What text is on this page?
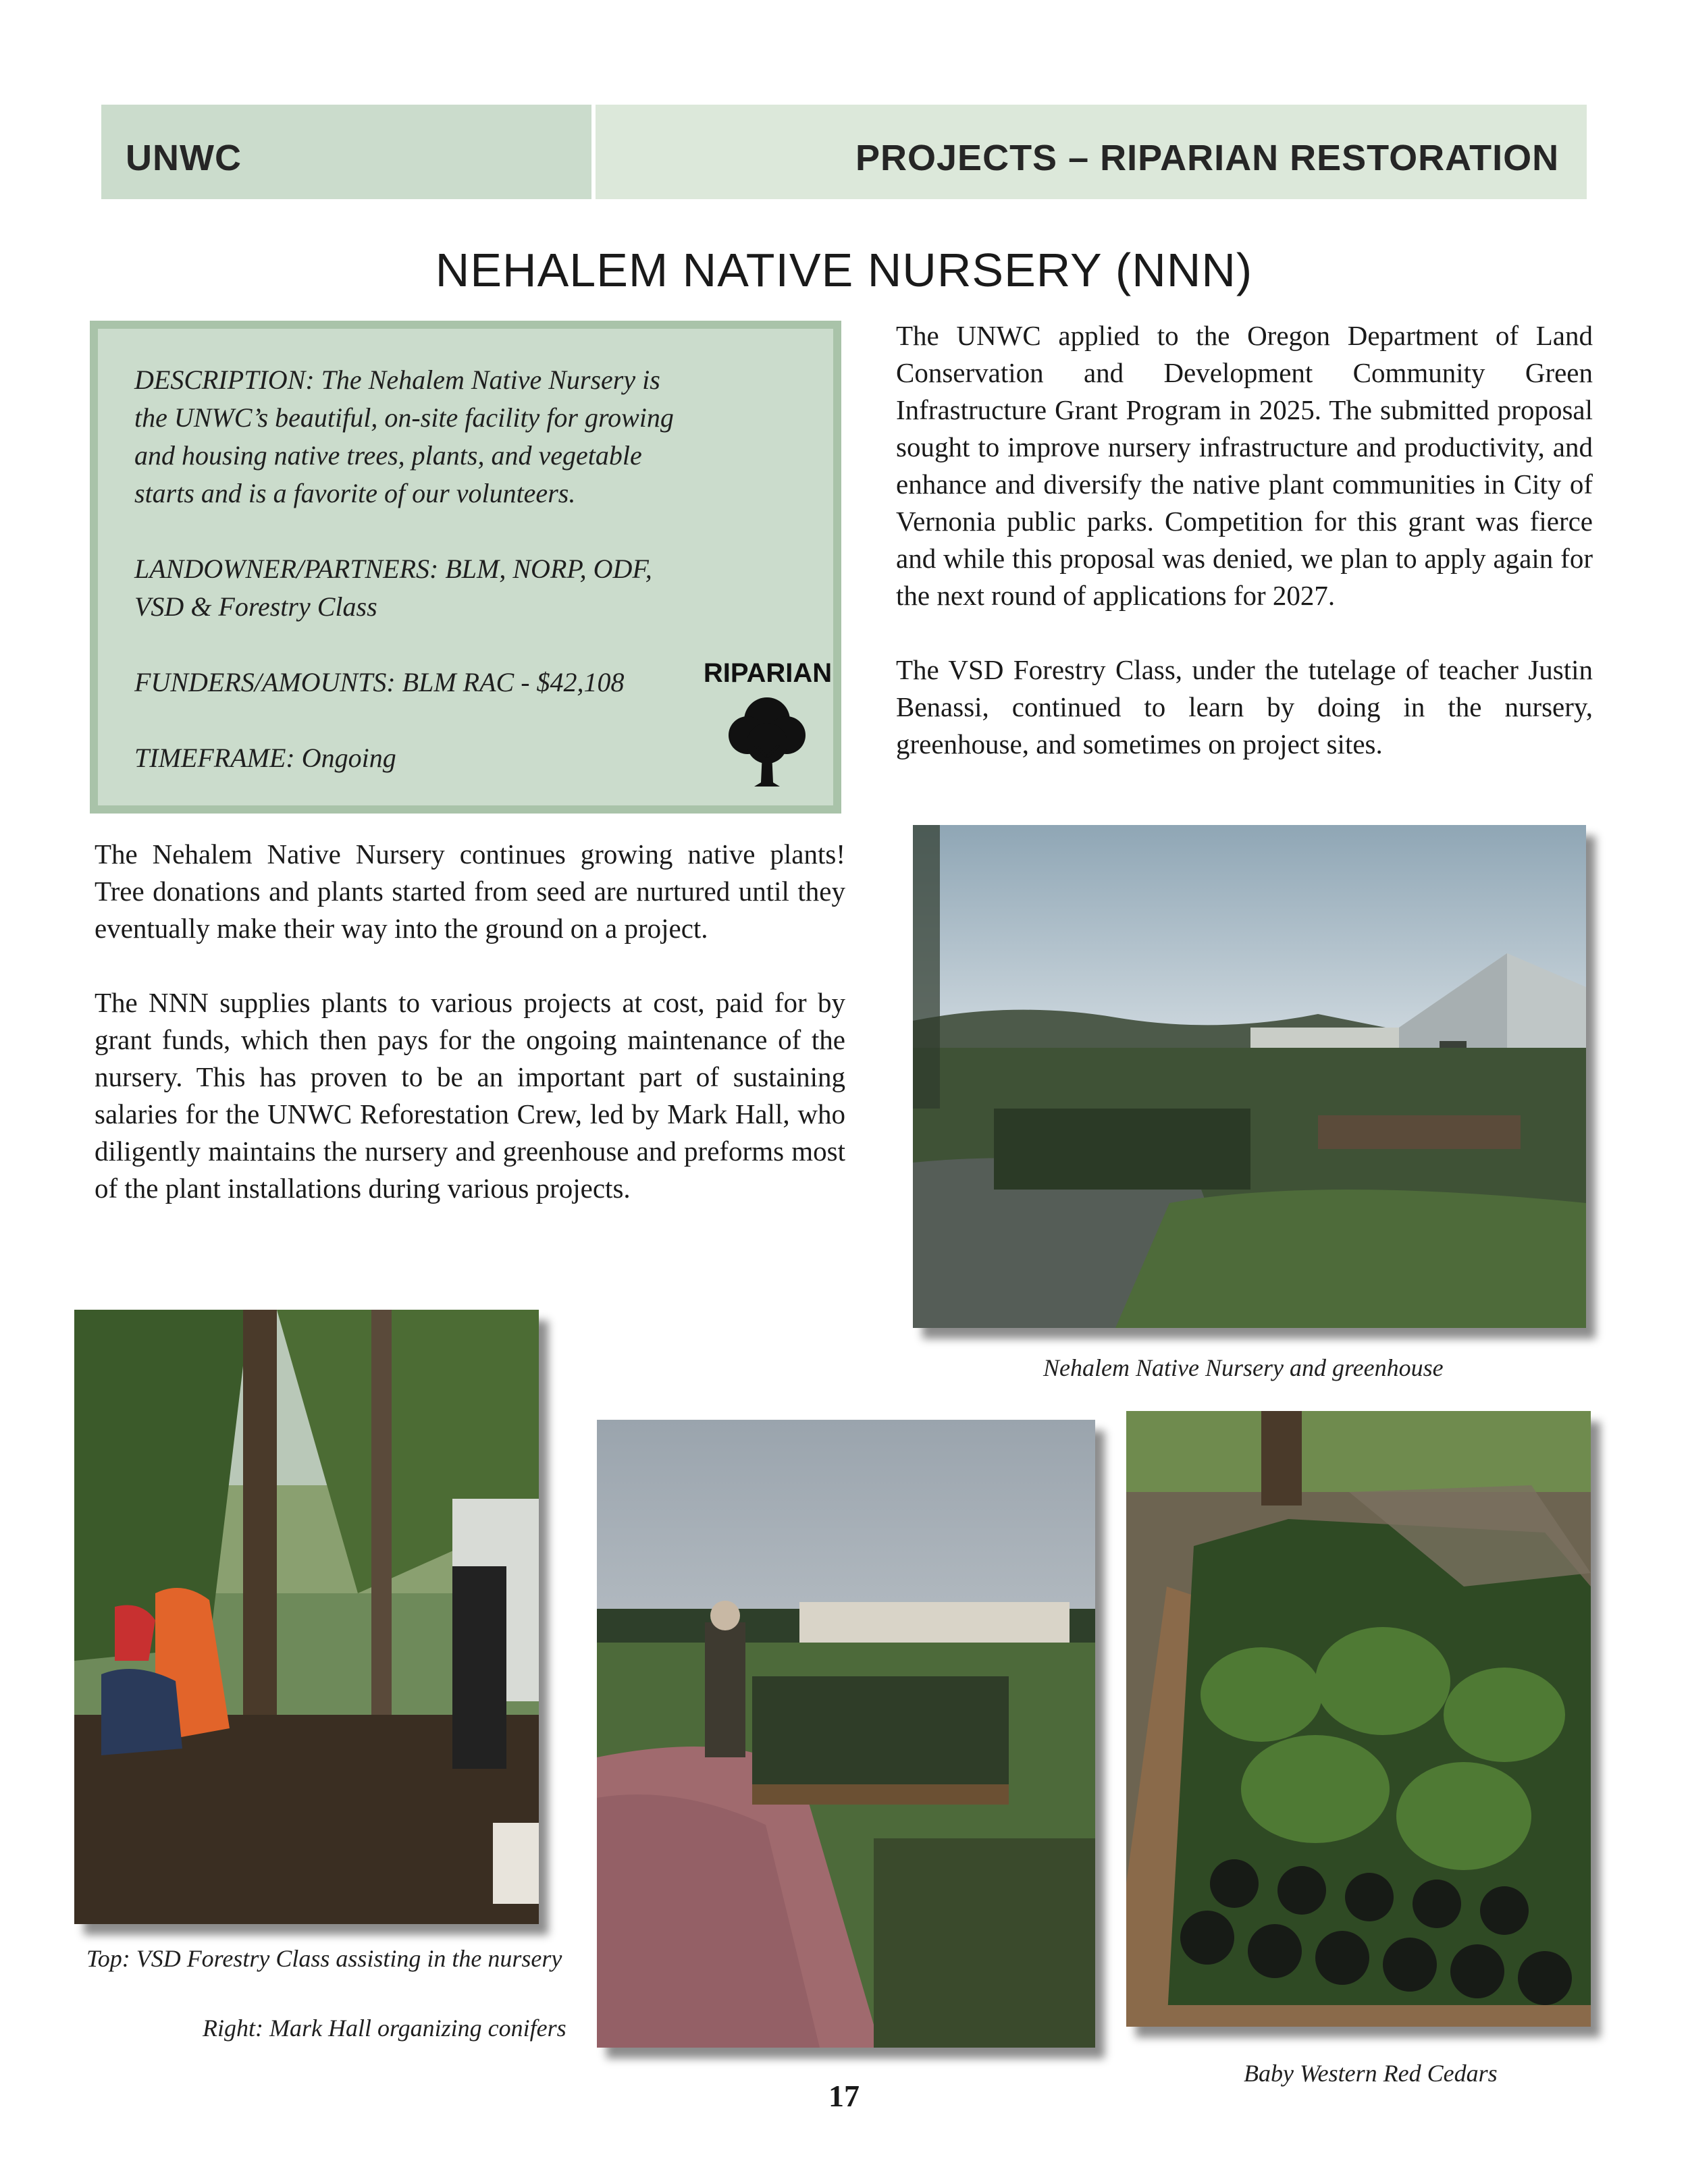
UNWC	PROJECTS – RIPARIAN RESTORATION
NEHALEM NATIVE NURSERY (NNN)

DESCRIPTION: The Nehalem Native Nursery is the UNWC’s beautiful, on-site facility for growing and housing native trees, plants, and vegetable starts and is a favorite of our volunteers.

LANDOWNER/PARTNERS: BLM, NORP, ODF, VSD & Forestry Class

FUNDERS/AMOUNTS: BLM RAC - $42,108

TIMEFRAME: Ongoing

RIPARIAN

The Nehalem Native Nursery continues growing native plants! Tree donations and plants started from seed are nurtured until they eventually make their way into the ground on a project.

The NNN supplies plants to various projects at cost, paid for by grant funds, which then pays for the ongoing maintenance of the nursery. This has proven to be an important part of sustaining salaries for the UNWC Reforestation Crew, led by Mark Hall, who diligently maintains the nursery and greenhouse and preforms most of the plant installations during various projects.

The UNWC applied to the Oregon Department of Land Conservation and Development Community Green Infrastructure Grant Program in 2025. The submitted proposal sought to improve nursery infrastructure and productivity, and enhance and diversify the native plant communities in City of Vernonia public parks. Competition for this grant was fierce and while this proposal was denied, we plan to apply again for the next round of applications for 2027.

The VSD Forestry Class, under the tutelage of teacher Justin Benassi, continued to learn by doing in the nursery, greenhouse, and sometimes on project sites.

Nehalem Native Nursery and greenhouse
Top: VSD Forestry Class assisting in the nursery
Right: Mark Hall organizing conifers
Baby Western Red Cedars
17
